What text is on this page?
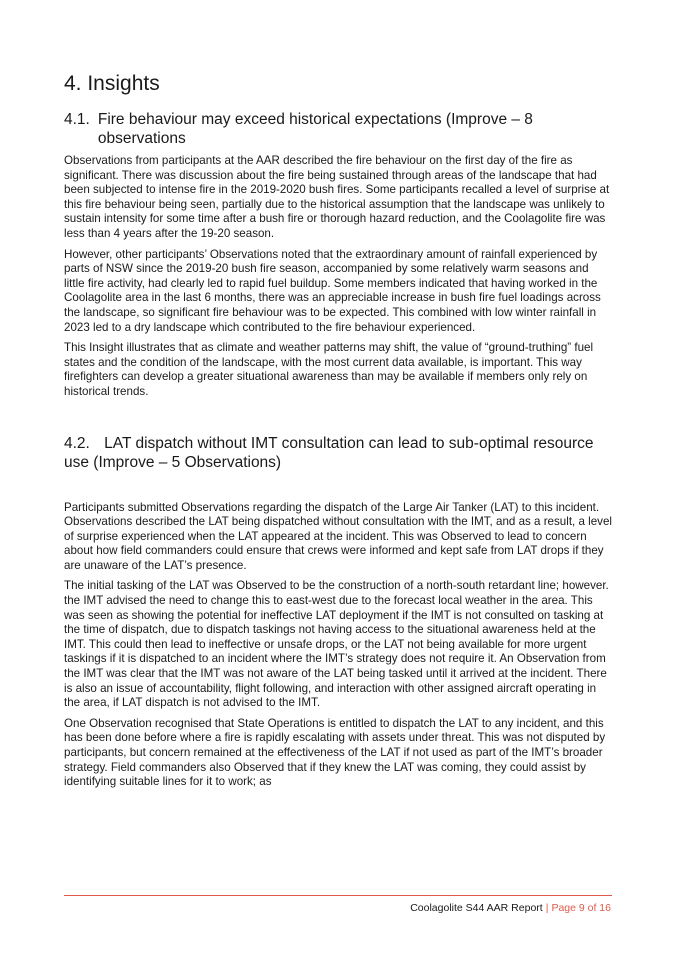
4. Insights
4.1. Fire behaviour may exceed historical expectations (Improve – 8 observations

Observations from participants at the AAR described the fire behaviour on the first day of the fire as significant. There was discussion about the fire being sustained through areas of the landscape that had been subjected to intense fire in the 2019-2020 bush fires. Some participants recalled a level of surprise at this fire behaviour being seen, partially due to the historical assumption that the landscape was unlikely to sustain intensity for some time after a bush fire or thorough hazard reduction, and the Coolagolite fire was less than 4 years after the 19-20 season.

However, other participants’ Observations noted that the extraordinary amount of rainfall experienced by parts of NSW since the 2019-20 bush fire season, accompanied by some relatively warm seasons and little fire activity, had clearly led to rapid fuel buildup. Some members indicated that having worked in the Coolagolite area in the last 6 months, there was an appreciable increase in bush fire fuel loadings across the landscape, so significant fire behaviour was to be expected. This combined with low winter rainfall in 2023 led to a dry landscape which contributed to the fire behaviour experienced.

This Insight illustrates that as climate and weather patterns may shift, the value of “ground-truthing” fuel states and the condition of the landscape, with the most current data available, is important. This way firefighters can develop a greater situational awareness than may be available if members only rely on historical trends.

4.2. LAT dispatch without IMT consultation can lead to sub-optimal resource use (Improve – 5 Observations)

Participants submitted Observations regarding the dispatch of the Large Air Tanker (LAT) to this incident. Observations described the LAT being dispatched without consultation with the IMT, and as a result, a level of surprise experienced when the LAT appeared at the incident. This was Observed to lead to concern about how field commanders could ensure that crews were informed and kept safe from LAT drops if they are unaware of the LAT’s presence.

The initial tasking of the LAT was Observed to be the construction of a north-south retardant line; however. the IMT advised the need to change this to east-west due to the forecast local weather in the area. This was seen as showing the potential for ineffective LAT deployment if the IMT is not consulted on tasking at the time of dispatch, due to dispatch taskings not having access to the situational awareness held at the IMT. This could then lead to ineffective or unsafe drops, or the LAT not being available for more urgent taskings if it is dispatched to an incident where the IMT’s strategy does not require it. An Observation from the IMT was clear that the IMT was not aware of the LAT being tasked until it arrived at the incident. There is also an issue of accountability, flight following, and interaction with other assigned aircraft operating in the area, if LAT dispatch is not advised to the IMT.

One Observation recognised that State Operations is entitled to dispatch the LAT to any incident, and this has been done before where a fire is rapidly escalating with assets under threat. This was not disputed by participants, but concern remained at the effectiveness of the LAT if not used as part of the IMT’s broader strategy. Field commanders also Observed that if they knew the LAT was coming, they could assist by identifying suitable lines for it to work; as

Coolagolite S44 AAR Report | Page 9 of 16
